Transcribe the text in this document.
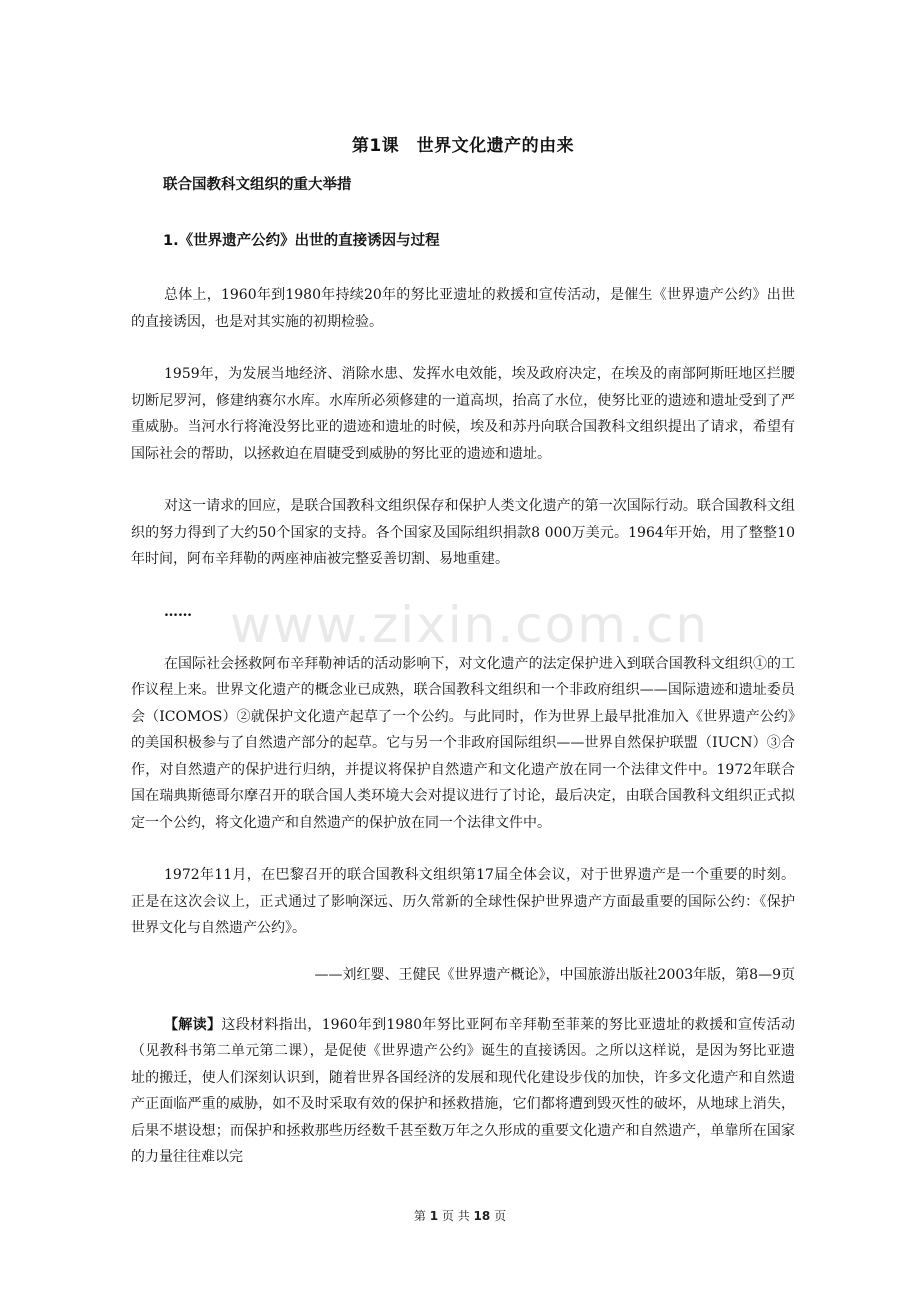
第1课　世界文化遗产的由来
联合国教科文组织的重大举措
1.《世界遗产公约》出世的直接诱因与过程

总体上，1960年到1980年持续20年的努比亚遗址的救援和宣传活动，是催生《世界遗产公约》出世的直接诱因，也是对其实施的初期检验。

1959年，为发展当地经济、消除水患、发挥水电效能，埃及政府决定，在埃及的南部阿斯旺地区拦腰切断尼罗河，修建纳赛尔水库。水库所必须修建的一道高坝，抬高了水位，使努比亚的遗迹和遗址受到了严重威胁。当河水行将淹没努比亚的遗迹和遗址的时候，埃及和苏丹向联合国教科文组织提出了请求，希望有国际社会的帮助，以拯救迫在眉睫受到威胁的努比亚的遗迹和遗址。

对这一请求的回应，是联合国教科文组织保存和保护人类文化遗产的第一次国际行动。联合国教科文组织的努力得到了大约50个国家的支持。各个国家及国际组织捐款8 000万美元。1964年开始，用了整整10年时间，阿布辛拜勒的两座神庙被完整妥善切割、易地重建。

……

在国际社会拯救阿布辛拜勒神话的活动影响下，对文化遗产的法定保护进入到联合国教科文组织①的工作议程上来。世界文化遗产的概念业已成熟，联合国教科文组织和一个非政府组织——国际遗迹和遗址委员会（ICOMOS）②就保护文化遗产起草了一个公约。与此同时，作为世界上最早批准加入《世界遗产公约》的美国积极参与了自然遗产部分的起草。它与另一个非政府国际组织——世界自然保护联盟（IUCN）③合作，对自然遗产的保护进行归纳，并提议将保护自然遗产和文化遗产放在同一个法律文件中。1972年联合国在瑞典斯德哥尔摩召开的联合国人类环境大会对提议进行了讨论，最后决定，由联合国教科文组织正式拟定一个公约，将文化遗产和自然遗产的保护放在同一个法律文件中。

1972年11月，在巴黎召开的联合国教科文组织第17届全体会议，对于世界遗产是一个重要的时刻。正是在这次会议上，正式通过了影响深远、历久常新的全球性保护世界遗产方面最重要的国际公约：《保护世界文化与自然遗产公约》。

——刘红婴、王健民《世界遗产概论》，中国旅游出版社2003年版，第8—9页

【解读】这段材料指出，1960年到1980年努比亚阿布辛拜勒至菲莱的努比亚遗址的救援和宣传活动（见教科书第二单元第二课），是促使《世界遗产公约》诞生的直接诱因。之所以这样说，是因为努比亚遗址的搬迁，使人们深刻认识到，随着世界各国经济的发展和现代化建设步伐的加快，许多文化遗产和自然遗产正面临严重的威胁，如不及时采取有效的保护和拯救措施，它们都将遭到毁灭性的破坏，从地球上消失，后果不堪设想；而保护和拯救那些历经数千甚至数万年之久形成的重要文化遗产和自然遗产，单靠所在国家的力量往往难以完

www.zixin.com.cn
第 1 页 共 18 页
